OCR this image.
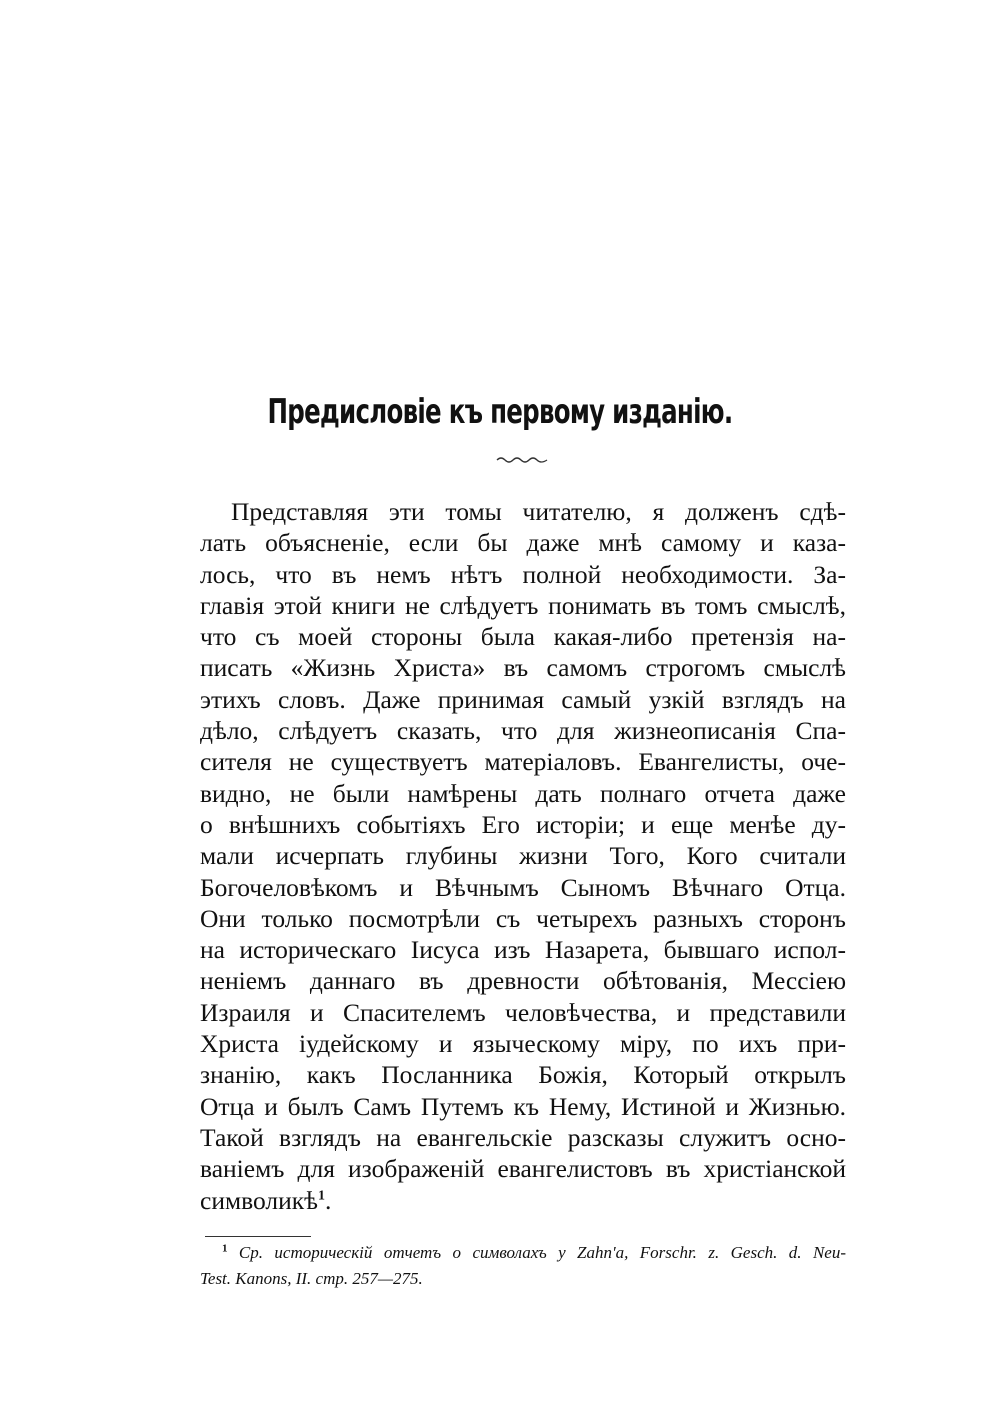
Предисловіе къ первому изданію.
Представляя эти томы читателю, я долженъ сдѣ-
лать объясненіе, если бы даже мнѣ самому и каза-
лось, что въ немъ нѣтъ полной необходимости. За-
главія этой книги не слѣдуетъ понимать въ томъ смыслѣ,
что съ моей стороны была какая-либо претензія на-
писать «Жизнь Христа» въ самомъ строгомъ смыслѣ
этихъ словъ. Даже принимая самый узкій взглядъ на
дѣло, слѣдуетъ сказать, что для жизнеописанія Спа-
сителя не существуетъ матеріаловъ. Евангелисты, оче-
видно, не были намѣрены дать полнаго отчета даже
о внѣшнихъ событіяхъ Его исторіи; и еще менѣе ду-
мали исчерпать глубины жизни Того, Кого считали
Богочеловѣкомъ и Вѣчнымъ Сыномъ Вѣчнаго Отца.
Они только посмотрѣли съ четырехъ разныхъ сторонъ
на историческаго Іисуса изъ Назарета, бывшаго испол-
неніемъ даннаго въ древности обѣтованія, Мессіею
Израиля и Спасителемъ человѣчества, и представили
Христа іудейскому и языческому міру, по ихъ при-
знанію, какъ Посланника Божія, Который открылъ
Отца и былъ Самъ Путемъ къ Нему, Истиной и Жизнью.
Такой взглядъ на евангельскіе разсказы служитъ осно-
ваніемъ для изображеній евангелистовъ въ христіанской
символикѣ$^1$.
$^1$ Ср. историческій отчетъ о символахъ у Zahn'a, Forschr. z. Gesch. d. Neu-
Test. Kanons, II. стр. 257—275.
